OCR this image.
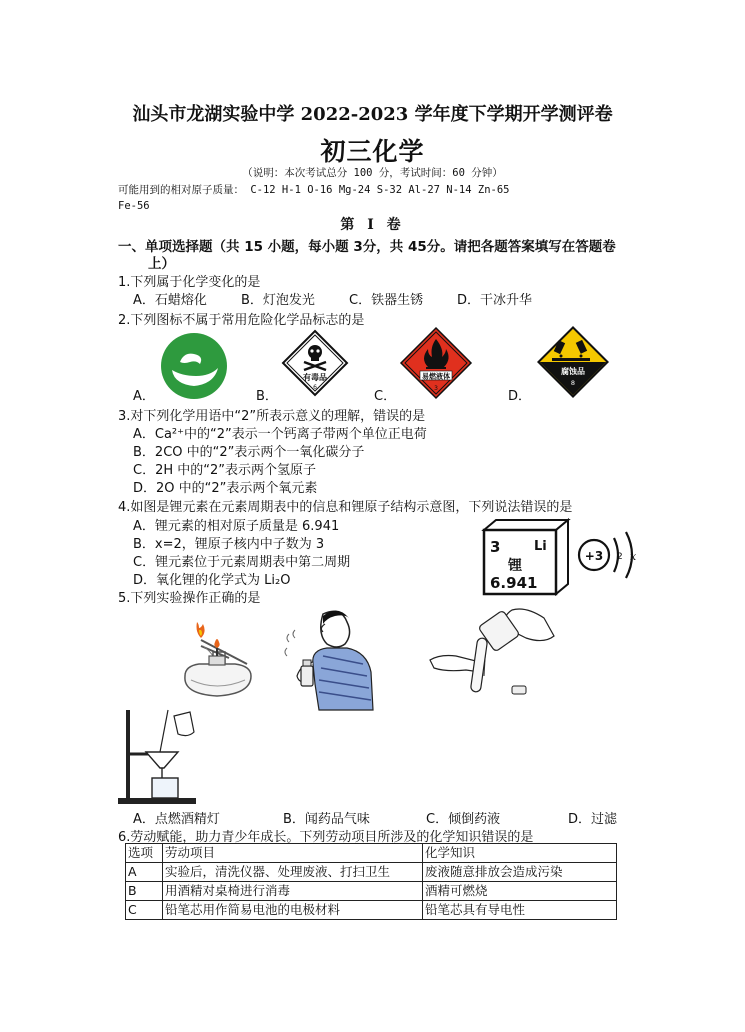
汕头市龙湖实验中学 2022-2023 学年度下学期开学测评卷
初三化学
（说明：本次考试总分 100 分，考试时间：60 分钟）
可能用到的相对原子质量： C-12 H-1 O-16 Mg-24 S-32 Al-27 N-14 Zn-65
Fe-56
第 I 卷
一、单项选择题（共 15 小题，每小题 3分，共 45分。请把各题答案填写在答题卷
上）
1.下列属于化学变化的是
A．石蜡熔化	B．灯泡发光	C．铁器生锈	D．干冰升华
2.下列图标不属于常用危险化学品标志的是
A．
有毒品
6
B．
易燃液体
3
C．
腐蚀品
8
D．
3.对下列化学用语中“2”所表示意义的理解，错误的是
A．Ca²⁺中的“2”表示一个钙离子带两个单位正电荷
B．2CO 中的“2”表示两个一氧化碳分子
C．2H 中的“2”表示两个氢原子
D．2O 中的“2”表示两个氧元素
4.如图是锂元素在元素周期表中的信息和锂原子结构示意图，下列说法错误的是
A．锂元素的相对原子质量是 6.941
B．x=2，锂原子核内中子数为 3
C．锂元素位于元素周期表中第二周期
D．氧化锂的化学式为 Li₂O
3	Li
锂
6.941
+3 2 x
5.下列实验操作正确的是
A．点燃酒精灯	B．闻药品气味	C．倾倒药液	D．过滤
6.劳动赋能，助力青少年成长。下列劳动项目所涉及的化学知识错误的是
选项	劳动项目	化学知识
A	实验后，清洗仪器、处理废液、打扫卫生	废液随意排放会造成污染
B	用酒精对桌椅进行消毒	酒精可燃烧
C	铅笔芯用作简易电池的电极材料	铅笔芯具有导电性
